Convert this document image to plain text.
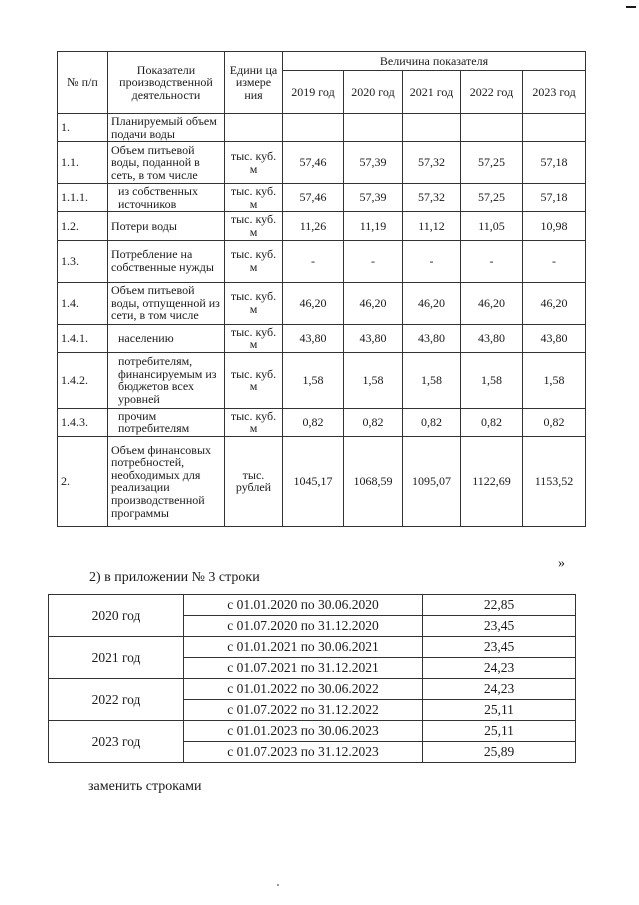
№ п/п	Показатели производственной деятельности	Едини ца измере ния	Величина показателя				
			2019 год	2020 год	2021 год	2022 год	2023 год
1.	Планируемый объем подачи воды						
1.1.	Объем питьевой воды, поданной в сеть, в том числе	тыс. куб. м	57,46	57,39	57,32	57,25	57,18
1.1.1.	из собственных источников	тыс. куб. м	57,46	57,39	57,32	57,25	57,18
1.2.	Потери воды	тыс. куб. м	11,26	11,19	11,12	11,05	10,98
1.3.	Потребление на собственные нужды	тыс. куб. м	-	-	-	-	-
1.4.	Объем питьевой воды, отпущенной из сети, в том числе	тыс. куб. м	46,20	46,20	46,20	46,20	46,20
1.4.1.	населению	тыс. куб. м	43,80	43,80	43,80	43,80	43,80
1.4.2.	потребителям, финансируемым из бюджетов всех уровней	тыс. куб. м	1,58	1,58	1,58	1,58	1,58
1.4.3.	прочим потребителям	тыс. куб. м	0,82	0,82	0,82	0,82	0,82
2.	Объем финансовых потребностей, необходимых для реализации производственной программы	тыс. рублей	1045,17	1068,59	1095,07	1122,69	1153,52
»
2) в приложении № 3 строки
2020 год	с 01.01.2020 по 30.06.2020	22,85
	с 01.07.2020 по 31.12.2020	23,45
2021 год	с 01.01.2021 по 30.06.2021	23,45
	с 01.07.2021 по 31.12.2021	24,23
2022 год	с 01.01.2022 по 30.06.2022	24,23
	с 01.07.2022 по 31.12.2022	25,11
2023 год	с 01.01.2023 по 30.06.2023	25,11
	с 01.07.2023 по 31.12.2023	25,89
заменить строками
